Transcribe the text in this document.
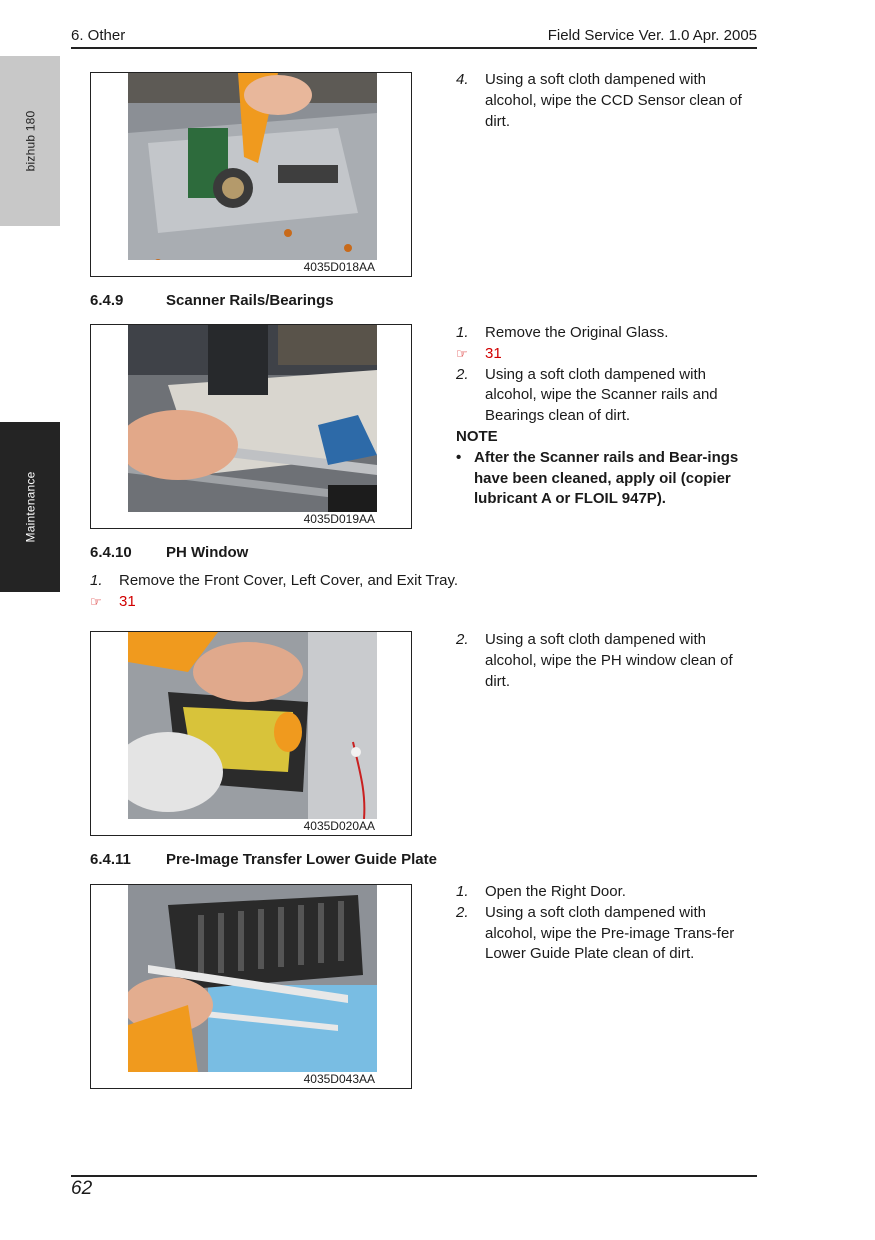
6. Other	Field Service Ver. 1.0 Apr. 2005
bizhub 180
Maintenance
4035D018AA
4.	Using a soft cloth dampened with alcohol, wipe the CCD Sensor clean of dirt.
6.4.9	Scanner Rails/Bearings
4035D019AA
1.	Remove the Original Glass.
☞	31
2.	Using a soft cloth dampened with alcohol, wipe the Scanner rails and Bearings clean of dirt.
NOTE
• After the Scanner rails and Bear-ings have been cleaned, apply oil (copier lubricant A or FLOIL 947P).
6.4.10 PH Window
1.	Remove the Front Cover, Left Cover, and Exit Tray.
☞	31
4035D020AA
2.	Using a soft cloth dampened with alcohol, wipe the PH window clean of dirt.
6.4.11 Pre-Image Transfer Lower Guide Plate
4035D043AA
1.	Open the Right Door.
2.	Using a soft cloth dampened with alcohol, wipe the Pre-image Trans-fer Lower Guide Plate clean of dirt.
62
